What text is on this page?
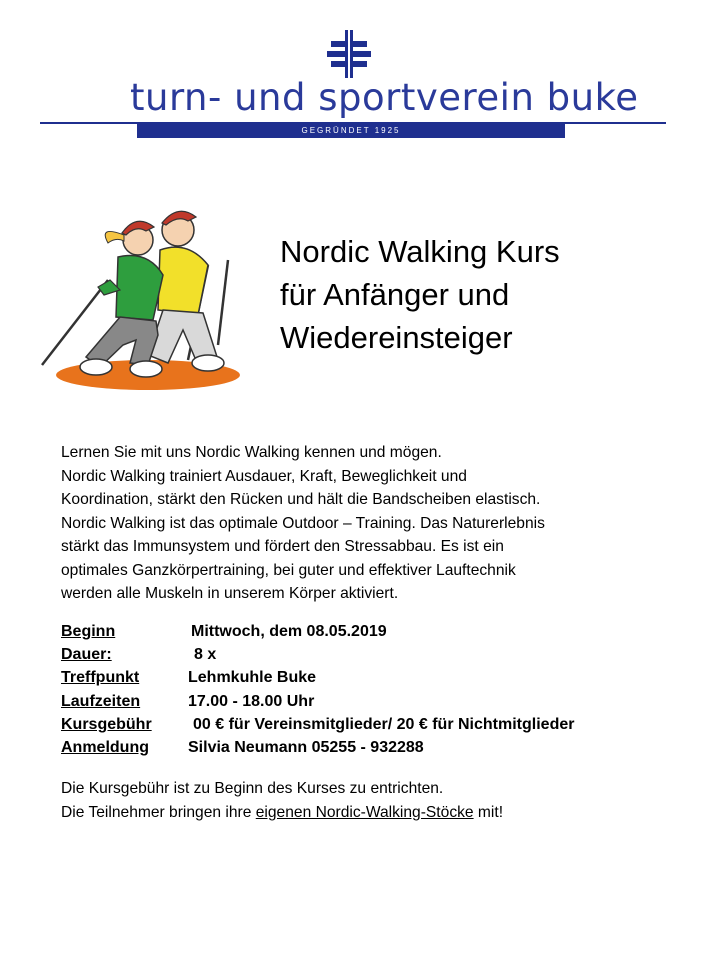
turn- und sportverein buke
GEGRÜNDET 1925
Nordic Walking Kurs
für Anfänger und
Wiedereinsteiger
Lernen Sie mit uns Nordic Walking kennen und mögen.
Nordic Walking trainiert Ausdauer, Kraft, Beweglichkeit und
Koordination, stärkt den Rücken und hält die Bandscheiben elastisch.
Nordic Walking ist das optimale Outdoor – Training. Das Naturerlebnis
stärkt das Immunsystem und fördert den Stressabbau. Es ist ein
optimales Ganzkörpertraining, bei guter und effektiver Lauftechnik
werden alle Muskeln in unserem Körper aktiviert.
Beginn	Mittwoch, dem 08.05.2019
Dauer:	8 x
Treffpunkt	Lehmkuhle Buke
Laufzeiten	17.00 - 18.00 Uhr
Kursgebühr	00 € für Vereinsmitglieder/ 20 € für Nichtmitglieder
Anmeldung Silvia Neumann 05255 - 932288
Die Kursgebühr ist zu Beginn des Kurses zu entrichten.
Die Teilnehmer bringen ihre eigenen Nordic-Walking-Stöcke mit!
